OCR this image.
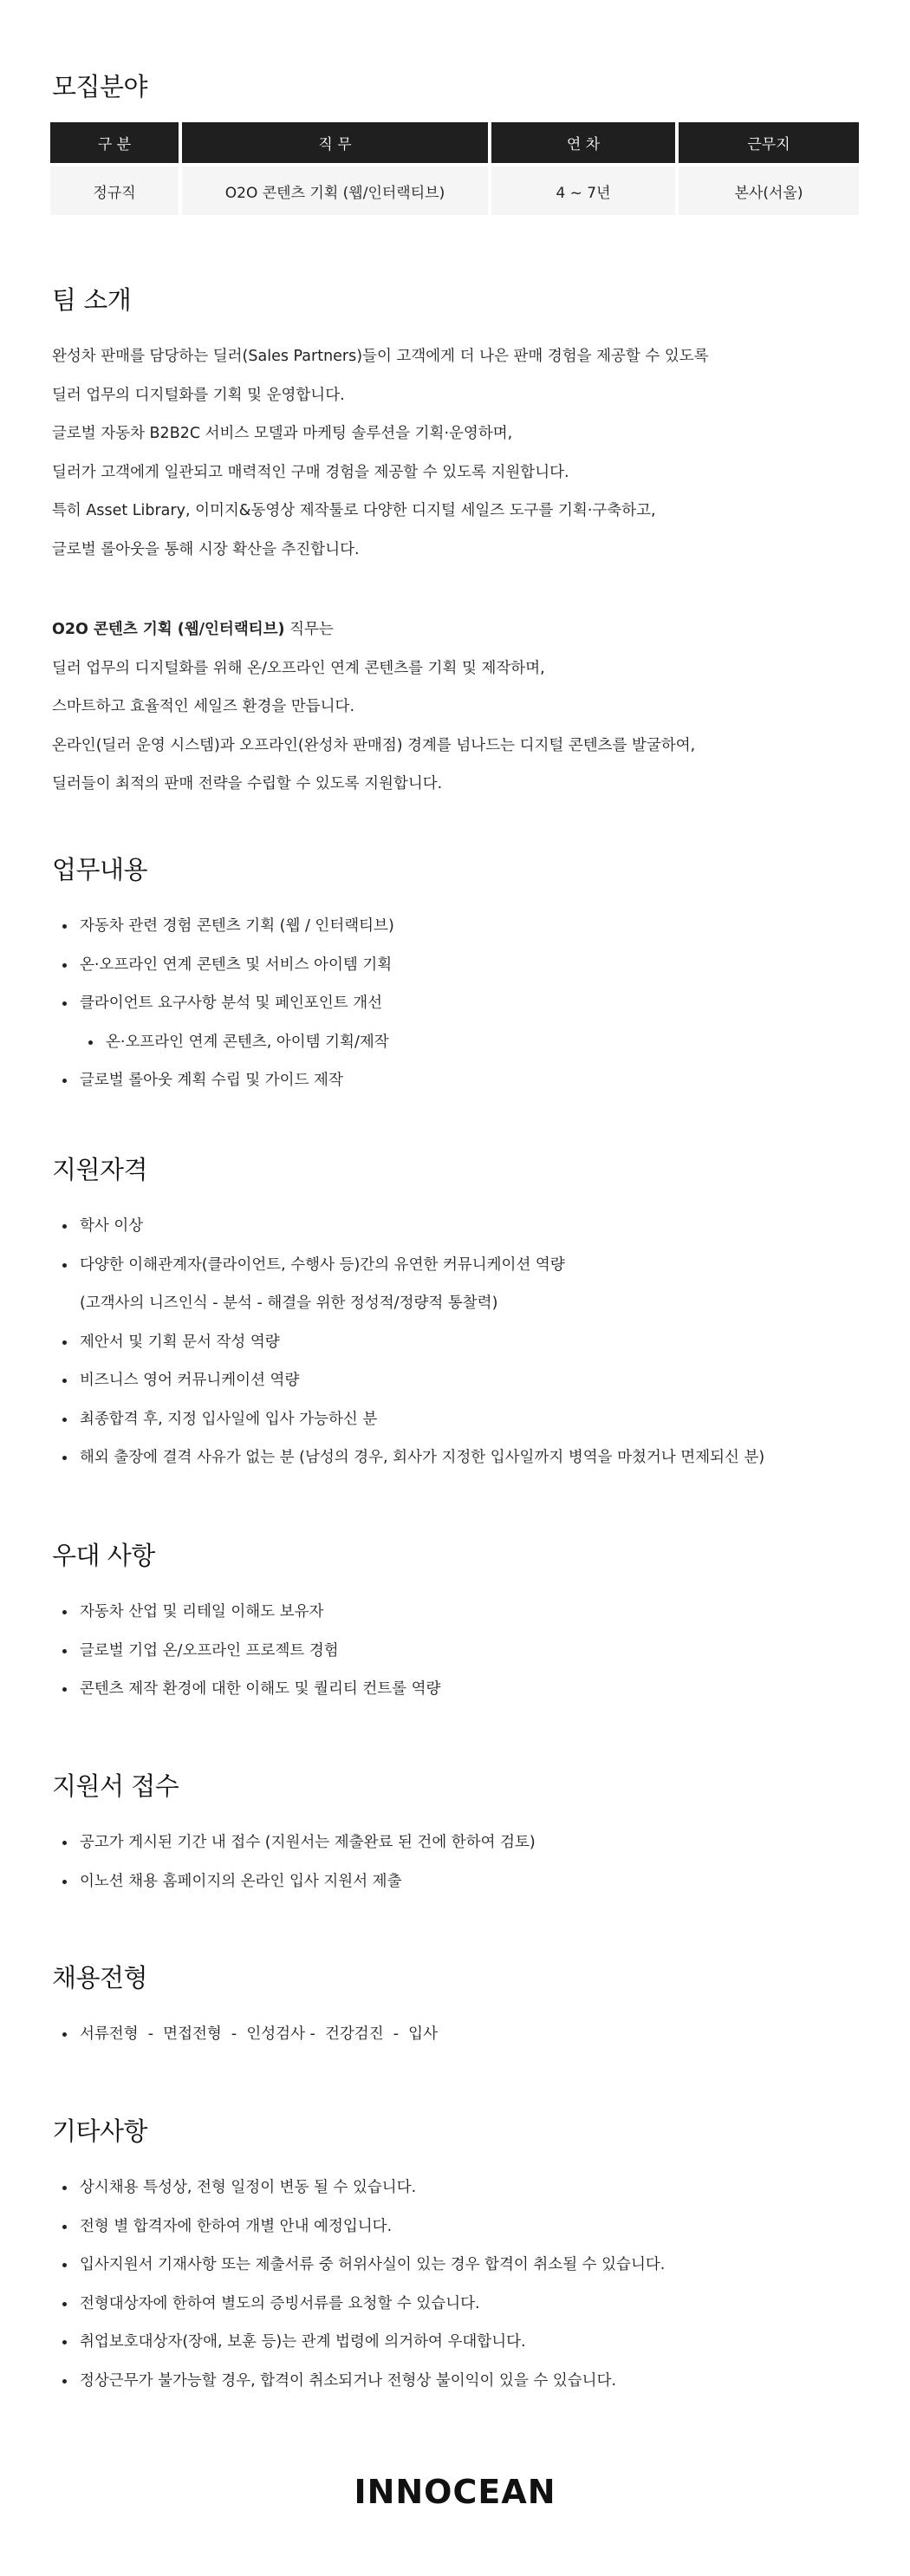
모집분야
구 분	직 무	연 차	근무지
정규직	O2O 콘텐츠 기획 (웹/인터랙티브)	4 ~ 7년	본사(서울)
팀 소개

완성차 판매를 담당하는 딜러(Sales Partners)들이 고객에게 더 나은 판매 경험을 제공할 수 있도록

딜러 업무의 디지털화를 기획 및 운영합니다.

글로벌 자동차 B2B2C 서비스 모델과 마케팅 솔루션을 기획·운영하며,

딜러가 고객에게 일관되고 매력적인 구매 경험을 제공할 수 있도록 지원합니다.

특히 Asset Library, 이미지&동영상 제작툴로 다양한 디지털 세일즈 도구를 기획·구축하고,

글로벌 롤아웃을 통해 시장 확산을 추진합니다.

O2O 콘텐츠 기획 (웹/인터랙티브) 직무는

딜러 업무의 디지털화를 위해 온/오프라인 연계 콘텐츠를 기획 및 제작하며,

스마트하고 효율적인 세일즈 환경을 만듭니다.

온라인(딜러 운영 시스템)과 오프라인(완성차 판매점) 경계를 넘나드는 디지털 콘텐츠를 발굴하여,

딜러들이 최적의 판매 전략을 수립할 수 있도록 지원합니다.

업무내용
자동차 관련 경험 콘텐츠 기획 (웹 / 인터랙티브)
온·오프라인 연계 콘텐츠 및 서비스 아이템 기획
클라이언트 요구사항 분석 및 페인포인트 개선
온·오프라인 연계 콘텐츠, 아이템 기획/제작
글로벌 롤아웃 계획 수립 및 가이드 제작
지원자격
학사 이상
다양한 이해관계자(클라이언트, 수행사 등)간의 유연한 커뮤니케이션 역량
(고객사의 니즈인식 - 분석 - 해결을 위한 정성적/정량적 통찰력)
제안서 및 기획 문서 작성 역량
비즈니스 영어 커뮤니케이션 역량
최종합격 후, 지정 입사일에 입사 가능하신 분
해외 출장에 결격 사유가 없는 분 (남성의 경우, 회사가 지정한 입사일까지 병역을 마쳤거나 면제되신 분)
우대 사항
자동차 산업 및 리테일 이해도 보유자
글로벌 기업 온/오프라인 프로젝트 경험
콘텐츠 제작 환경에 대한 이해도 및 퀄리티 컨트롤 역량
지원서 접수
공고가 게시된 기간 내 접수 (지원서는 제출완료 된 건에 한하여 검토)
이노션 채용 홈페이지의 온라인 입사 지원서 제출
채용전형
서류전형  -  면접전형  -  인성검사 -  건강검진  -  입사
기타사항
상시채용 특성상, 전형 일정이 변동 될 수 있습니다.
전형 별 합격자에 한하여 개별 안내 예정입니다.
입사지원서 기재사항 또는 제출서류 중 허위사실이 있는 경우 합격이 취소될 수 있습니다.
전형대상자에 한하여 별도의 증빙서류를 요청할 수 있습니다.
취업보호대상자(장애, 보훈 등)는 관계 법령에 의거하여 우대합니다.
정상근무가 불가능할 경우, 합격이 취소되거나 전형상 불이익이 있을 수 있습니다.
INNOCEAN
